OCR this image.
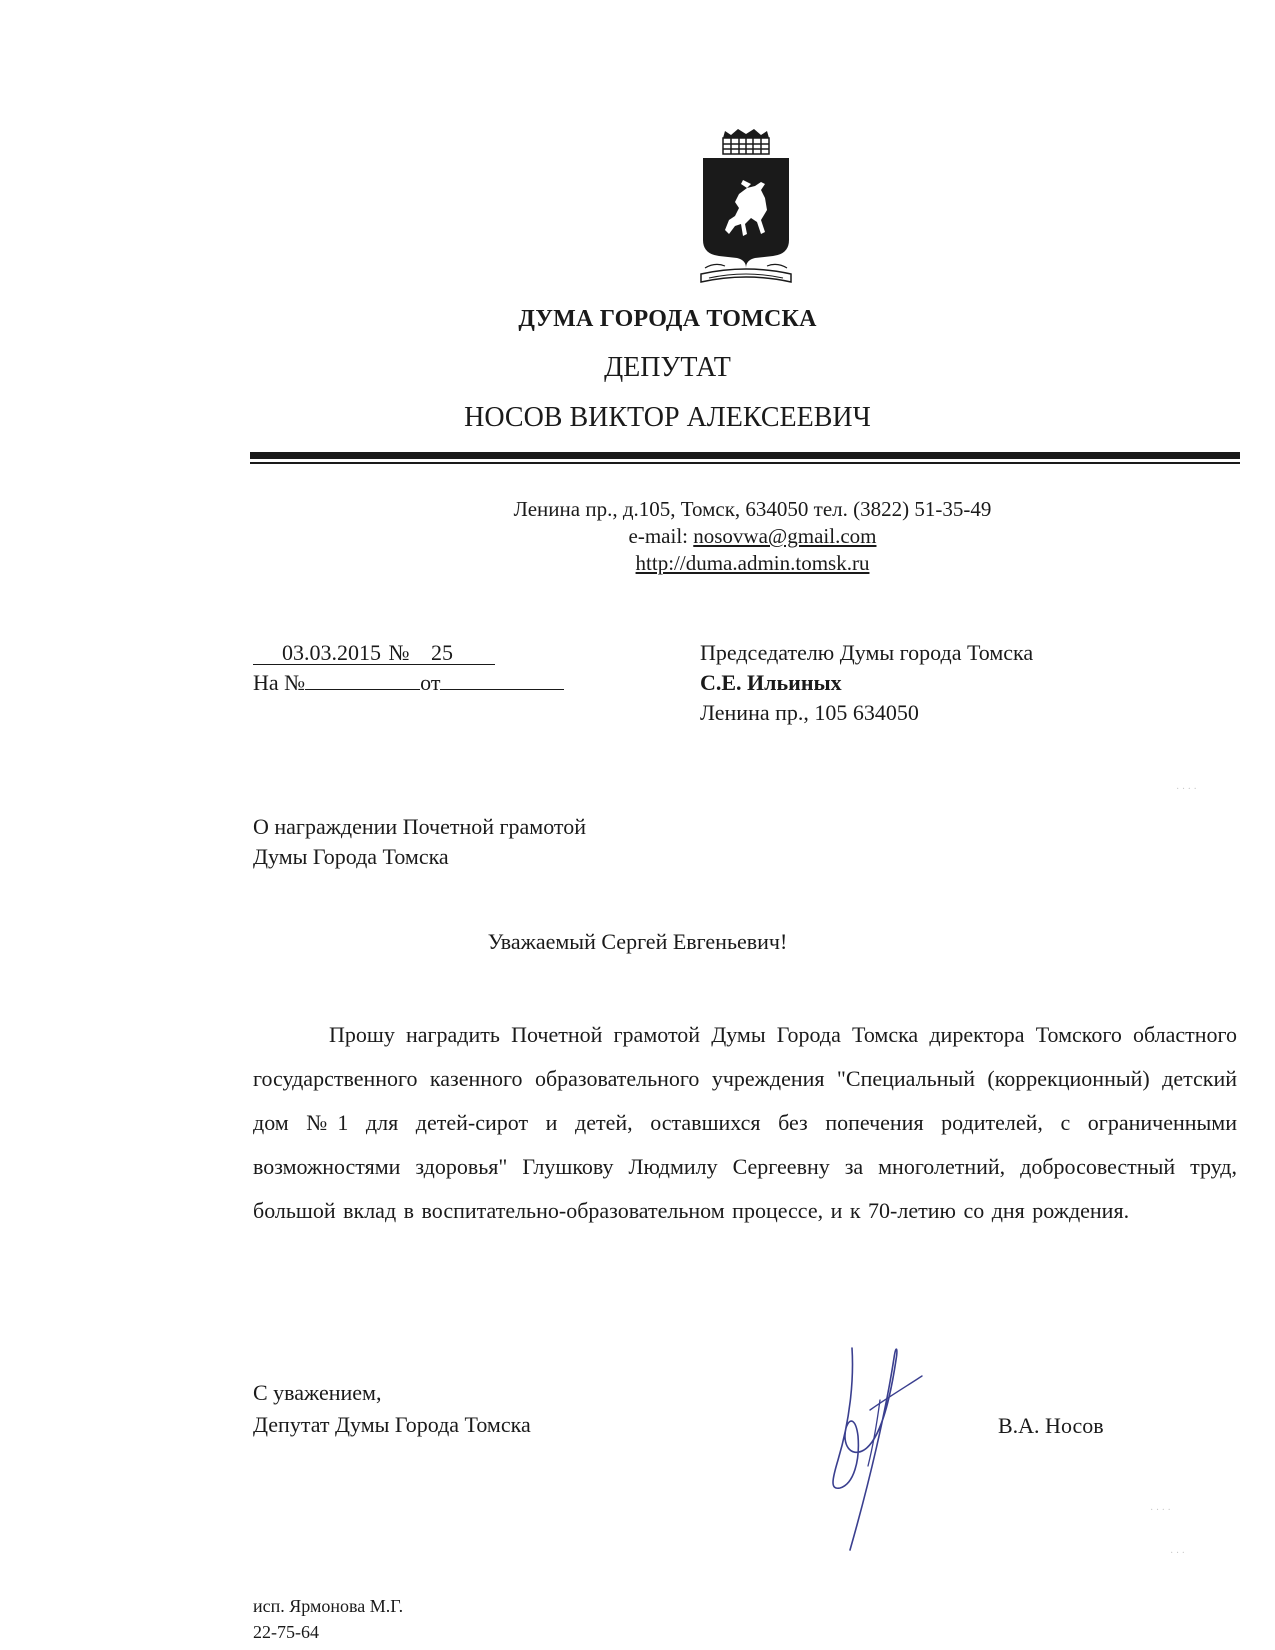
ДУМА ГОРОДА ТОМСКА
ДЕПУТАТ
НОСОВ ВИКТОР АЛЕКСЕЕВИЧ
Ленина пр., д.105, Томск, 634050 тел. (3822) 51-35-49
e-mail: nosovwa@gmail.com
http://duma.admin.tomsk.ru
03.03.2015 № 25
На №	от
Председателю Думы города Томска
С.Е. Ильиных
Ленина пр., 105 634050
· · · ·
О награждении Почетной грамотой
Думы Города Томска
Уважаемый Сергей Евгеньевич!
Прошу наградить Почетной грамотой Думы Города Томска директора Томского областного государственного казенного образовательного учреждения "Специальный (коррекционный) детский дом №1 для детей-сирот и детей, оставшихся без попечения родителей, с ограниченными возможностями здоровья" Глушкову Людмилу Сергеевну за многолетний, добросовестный труд, большой вклад в воспитательно-образовательном процессе, и к 70-летию со дня рождения.
С уважением,
Депутат Думы Города Томска	В.А. Носов
· · · ·
· · ·
исп. Ярмонова М.Г.
22-75-64
